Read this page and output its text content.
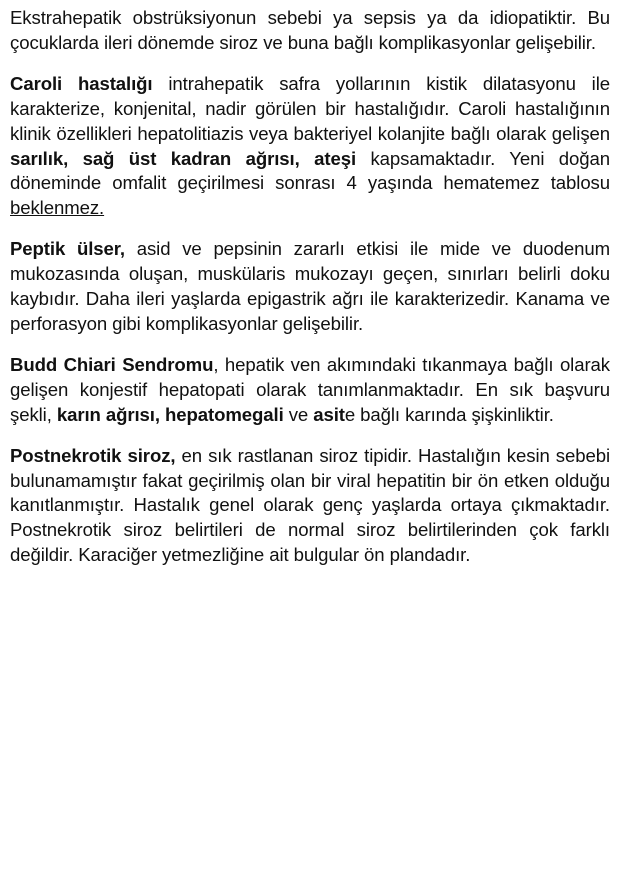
Ekstrahepatik obstrüksiyonun sebebi ya sepsis ya da idiopatiktir. Bu çocuklarda ileri dönemde siroz ve buna bağlı komplikasyonlar gelişebilir.

Caroli hastalığı intrahepatik safra yollarının kistik dilatasyonu ile karakterize, konjenital, nadir görülen bir hastalığıdır. Caroli hastalığının klinik özellikleri hepatolitiazis veya bakteriyel kolanjite bağlı olarak gelişen sarılık, sağ üst kadran ağrısı, ateşi kapsamaktadır. Yeni doğan döneminde omfalit geçirilmesi sonrası 4 yaşında hematemez tablosu beklenmez.

Peptik ülser, asid ve pepsinin zararlı etkisi ile mide ve duodenum mukozasında oluşan, muskülaris mukozayı geçen, sınırları belirli doku kaybıdır. Daha ileri yaşlarda epigastrik ağrı ile karakterizedir. Kanama ve perforasyon gibi komplikasyonlar gelişebilir.

Budd Chiari Sendromu, hepatik ven akımındaki tıkanmaya bağlı olarak gelişen konjestif hepatopati olarak tanımlanmaktadır. En sık başvuru şekli, karın ağrısı, hepatomegali ve asite bağlı karında şişkinliktir.

Postnekrotik siroz, en sık rastlanan siroz tipidir. Hastalığın kesin sebebi bulunamamıştır fakat geçirilmiş olan bir viral hepatitin bir ön etken olduğu kanıtlanmıştır. Hastalık genel olarak genç yaşlarda ortaya çıkmaktadır. Postnekrotik siroz belirtileri de normal siroz belirtilerinden çok farklı değildir. Karaciğer yetmezliğine ait bulgular ön plandadır.
